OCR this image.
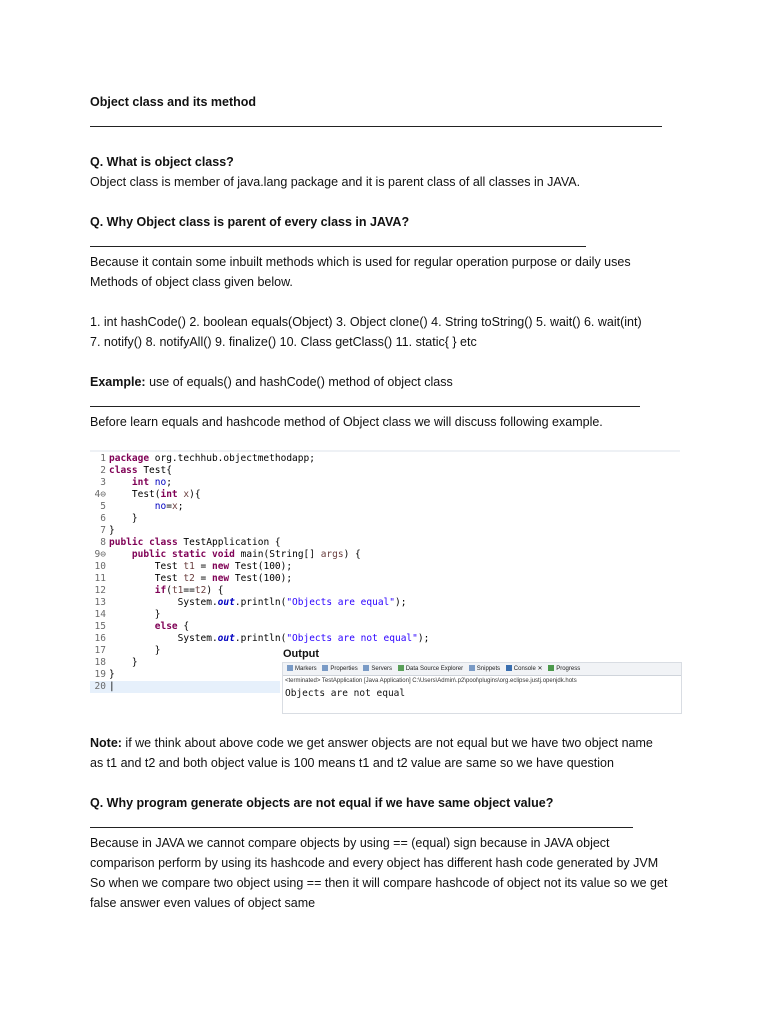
Object class and its method
Q. What is object class?
Object class is member of java.lang package and it is parent class of all classes in JAVA.
Q. Why Object class is parent of every class in JAVA?
Because it contain some inbuilt methods which is used for regular operation purpose or daily uses
Methods of object class given below.
1. int hashCode() 2. boolean equals(Object) 3. Object clone() 4. String toString() 5. wait() 6. wait(int)
7. notify() 8. notifyAll() 9. finalize() 10. Class getClass() 11. static{ } etc
Example: use of equals() and hashCode() method of object class
Before learn equals and hashcode method of Object class we will discuss following example.
1 package org.techhub.objectmethodapp;
2 class Test{
3	int no;
4⊖    Test(int x){
5	no=x;
6    }
7 }
8 public class TestApplication {
9⊖	public static void main(String[] args) {
10        Test t1 = new Test(100);
11        Test t2 = new Test(100);
12	if(t1==t2) {
13            System.out.println("Objects are equal");
14        }
15	else {
16            System.out.println("Objects are not equal");
17        }
18    }
19 }
20 |
Output
Markers Properties Servers Data Source Explorer Snippets Console ✕ Progress
<terminated> TestApplication [Java Application] C:\Users\Admin\.p2\pool\plugins\org.eclipse.justj.openjdk.hots
Objects are not equal
Note: if we think about above code we get answer objects are not equal but we have two object name
as t1 and t2 and both object value is 100 means t1 and t2 value are same so we have question
Q. Why program generate objects are not equal if we have same object value?
Because in JAVA we cannot compare objects by using == (equal) sign because in JAVA object
comparison perform by using its hashcode and every object has different hash code generated by JVM
So when we compare two object using == then it will compare hashcode of object not its value so we get
false answer even values of object same
